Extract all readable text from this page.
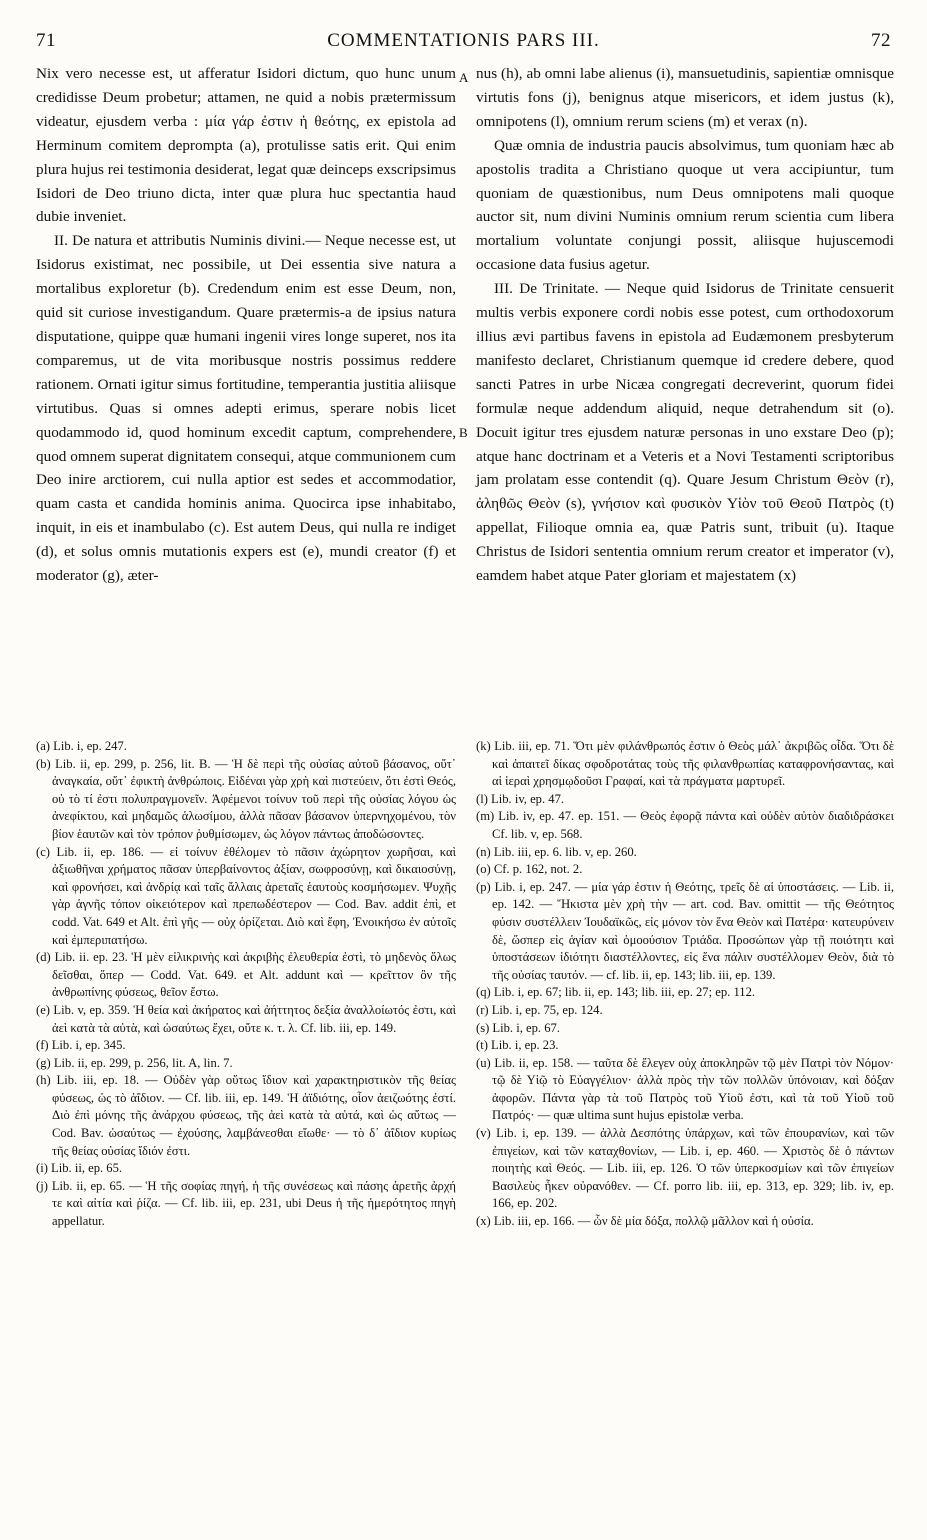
71	COMMENTATIONIS PARS III.	72

Nix vero necesse est, ut afferatur Isidori dictum, quo hunc unum credidisse Deum probetur; attamen, ne quid a nobis prætermissum videatur, ejusdem verba : μία γάρ ἐστιν ἡ θεότης, ex epistola ad Herminum comitem deprompta (a), protulisse satis erit. Qui enim plura hujus rei testimonia desiderat, legat quæ deinceps exscripsimus Isidori de Deo triuno dicta, inter quæ plura huc spectantia haud dubie inveniet.

II. De natura et attributis Numinis divini.— Neque necesse est, ut Isidorus existimat, nec possibile, ut Dei essentia sive natura a mortalibus exploretur (b). Credendum enim est esse Deum, non, quid sit curiose investigandum. Quare prætermis-a de ipsius natura disputatione, quippe quæ humani ingenii vires longe superet, nos ita comparemus, ut de vita moribusque nostris possimus reddere rationem. Ornati igitur simus fortitudine, temperantia justitia aliisque virtutibus. Quas si omnes adepti erimus, sperare nobis licet quodammodo id, quod hominum excedit captum, comprehendere, quod omnem superat dignitatem consequi, atque communionem cum Deo inire arctiorem, cui nulla aptior est sedes et accommodatior, quam casta et candida hominis anima. Quocirca ipse inhabitabo, inquit, in eis et inambulabo (c). Est autem Deus, qui nulla re indiget (d), et solus omnis mutationis expers est (e), mundi creator (f) et moderator (g), æter-

A
B

nus (h), ab omni labe alienus (i), mansuetudinis, sapientiæ omnisque virtutis fons (j), benignus atque misericors, et idem justus (k), omnipotens (l), omnium rerum sciens (m) et verax (n).

Quæ omnia de industria paucis absolvimus, tum quoniam hæc ab apostolis tradita a Christiano quoque ut vera accipiuntur, tum quoniam de quæstionibus, num Deus omnipotens mali quoque auctor sit, num divini Numinis omnium rerum scientia cum libera mortalium voluntate conjungi possit, aliisque hujuscemodi occasione data fusius agetur.

III. De Trinitate. — Neque quid Isidorus de Trinitate censuerit multis verbis exponere cordi nobis esse potest, cum orthodoxorum illius ævi partibus favens in epistola ad Eudæmonem presbyterum manifesto declaret, Christianum quemque id credere debere, quod sancti Patres in urbe Nicæa congregati decreverint, quorum fidei formulæ neque addendum aliquid, neque detrahendum sit (o). Docuit igitur tres ejusdem naturæ personas in uno exstare Deo (p); atque hanc doctrinam et a Veteris et a Novi Testamenti scriptoribus jam prolatam esse contendit (q). Quare Jesum Christum Θεὸν (r), ἀληθῶς Θεὸν (s), γνήσιον καὶ φυσικὸν Υἱὸν τοῦ Θεοῦ Πατρὸς (t) appellat, Filioque omnia ea, quæ Patris sunt, tribuit (u). Itaque Christus de Isidori sententia omnium rerum creator et imperator (v), eamdem habet atque Pater gloriam et majestatem (x)

(a) Lib. i, ep. 247.

(b) Lib. ii, ep. 299, p. 256, lit. B. — Ἡ δὲ περὶ τῆς οὐσίας αὐτοῦ βάσανος, οὔτ᾽ ἀναγκαία, οὔτ᾽ ἐφικτὴ ἀνθρώποις. Εἰδέναι γὰρ χρὴ καὶ πιστεύειν, ὅτι ἐστὶ Θεός, οὐ τὸ τί ἐστι πολυπραγμονεῖν. Ἀφέμενοι τοίνυν τοῦ περὶ τῆς οὐσίας λόγου ὡς ἀνεφίκτου, καὶ μηδαμῶς ἁλωσίμου, ἀλλὰ πᾶσαν βάσανον ὑπερνηχομένου, τὸν βίον ἑαυτῶν καὶ τὸν τρόπον ῥυθμίσωμεν, ὡς λόγον πάντως ἀποδώσοντες.

(c) Lib. ii, ep. 186. — εἰ τοίνυν ἐθέλομεν τὸ πᾶσιν ἀχώρητον χωρῆσαι, καὶ ἀξιωθῆναι χρήματος πᾶσαν ὑπερβαίνοντος ἀξίαν, σωφροσύνῃ, καὶ δικαιοσύνῃ, καὶ φρονήσει, καὶ ἀνδρίᾳ καὶ ταῖς ἄλλαις ἀρεταῖς ἑαυτοὺς κοσμήσωμεν. Ψυχῆς γὰρ ἁγνῆς τόπον οἰκειότερον καὶ πρεπωδέστερον — Cod. Bav. addit ἐπὶ, et codd. Vat. 649 et Alt. ἐπὶ γῆς — οὐχ ὁρίζεται. Διὸ καὶ ἔφη, Ἐνοικήσω ἐν αὐτοῖς καὶ ἐμπεριπατήσω.

(d) Lib. ii. ep. 23. Ἡ μὲν εἰλικρινὴς καὶ ἀκριβὴς ἐλευθερία ἐστὶ, τὸ μηδενὸς ὅλως δεῖσθαι, ὅπερ — Codd. Vat. 649. et Alt. addunt καὶ — κρεῖττον ὂν τῆς ἀνθρωπίνης φύσεως, θεῖον ἔστω.

(e) Lib. v, ep. 359. Ἡ θεία καὶ ἀκήρατος καὶ ἀήττητος δεξία ἀναλλοίωτός ἐστι, καὶ ἀεὶ κατὰ τὰ αὐτὰ, καὶ ὡσαύτως ἔχει, οὔτε κ. τ. λ. Cf. lib. iii, ep. 149.

(f) Lib. i, ep. 345.

(g) Lib. ii, ep. 299, p. 256, lit. A, lin. 7.

(h) Lib. iii, ep. 18. — Οὐδὲν γὰρ οὕτως ἴδιον καὶ χαρακτηριστικὸν τῆς θείας φύσεως, ὡς τὸ ἀΐδιον. — Cf. lib. iii, ep. 149. Ἡ ἀϊδιότης, οἷον ἀειζωότης ἐστί. Διὸ ἐπὶ μόνης τῆς ἀνάρχου φύσεως, τῆς ἀεὶ κατὰ τὰ αὐτά, καὶ ὡς αὔτως — Cod. Bav. ὡσαύτως — ἐχούσης, λαμβάνεσθαι εἴωθε· — τὸ δ᾽ ἀΐδιον κυρίως τῆς θείας οὐσίας ἴδιόν ἐστι.

(i) Lib. ii, ep. 65.

(j) Lib. ii, ep. 65. — Ἡ τῆς σοφίας πηγή, ἡ τῆς συνέσεως καὶ πάσης ἀρετῆς ἀρχή τε καὶ αἰτία καὶ ῥίζα. — Cf. lib. iii, ep. 231, ubi Deus ἡ τῆς ἡμερότητος πηγὴ appellatur.

(k) Lib. iii, ep. 71. Ὅτι μὲν φιλάνθρωπός ἐστιν ὁ Θεὸς μάλ᾽ ἀκριβῶς οἶδα. Ὅτι δὲ καὶ ἀπαιτεῖ δίκας σφοδροτάτας τοὺς τῆς φιλανθρωπίας καταφρονήσαντας, καὶ αἱ ἱεραὶ χρησμῳδοῦσι Γραφαί, καὶ τὰ πράγματα μαρτυρεῖ.

(l) Lib. iv, ep. 47.

(m) Lib. iv, ep. 47. ep. 151. — Θεὸς ἐφορᾷ πάντα καὶ οὐδὲν αὐτὸν διαδιδράσκει Cf. lib. v, ep. 568.

(n) Lib. iii, ep. 6. lib. v, ep. 260.

(o) Cf. p. 162, not. 2.

(p) Lib. i, ep. 247. — μία γάρ ἐστιν ἡ Θεότης, τρεῖς δὲ αἱ ὑποστάσεις. — Lib. ii, ep. 142. — Ἥκιστα μὲν χρὴ τὴν — art. cod. Bav. omittit — τῆς Θεότητος φύσιν συστέλλειν Ἰουδαϊκῶς, εἰς μόνον τὸν ἕνα Θεὸν καὶ Πατέρα· κατευρύνειν δὲ, ὥσπερ εἰς ἁγίαν καὶ ὁμοούσιον Τριάδα. Προσώπων γὰρ τῇ ποιότητι καὶ ὑποστάσεων ἰδιότητι διαστέλλοντες, εἰς ἕνα πάλιν συστέλλομεν Θεὸν, διὰ τὸ τῆς οὐσίας ταυτόν. — cf. lib. ii, ep. 143; lib. iii, ep. 139.

(q) Lib. i, ep. 67; lib. ii, ep. 143; lib. iii, ep. 27; ep. 112.

(r) Lib. i, ep. 75, ep. 124.

(s) Lib. i, ep. 67.

(t) Lib. i, ep. 23.

(u) Lib. ii, ep. 158. — ταῦτα δὲ ἔλεγεν οὐχ ἀποκληρῶν τῷ μὲν Πατρὶ τὸν Νόμον· τῷ δὲ Υἱῷ τὸ Εὐαγγέλιον· ἀλλὰ πρὸς τὴν τῶν πολλῶν ὑπόνοιαν, καὶ δόξαν ἀφορῶν. Πάντα γὰρ τὰ τοῦ Πατρὸς τοῦ Υἱοῦ ἐστι, καὶ τὰ τοῦ Υἱοῦ τοῦ Πατρός· — quæ ultima sunt hujus epistolæ verba.

(v) Lib. i, ep. 139. — ἀλλὰ Δεσπότης ὑπάρχων, καὶ τῶν ἐπουρανίων, καὶ τῶν ἐπιγείων, καὶ τῶν καταχθονίων, — Lib. i, ep. 460. — Χριστὸς δὲ ὁ πάντων ποιητὴς καὶ Θεός. — Lib. iii, ep. 126. Ὁ τῶν ὑπερκοσμίων καὶ τῶν ἐπιγείων Βασιλεὺς ἧκεν οὐρανόθεν. — Cf. porro lib. iii, ep. 313, ep. 329; lib. iv, ep. 166, ep. 202.

(x) Lib. iii, ep. 166. — ὧν δὲ μία δόξα, πολλῷ μᾶλλον καὶ ἡ οὐσία.
